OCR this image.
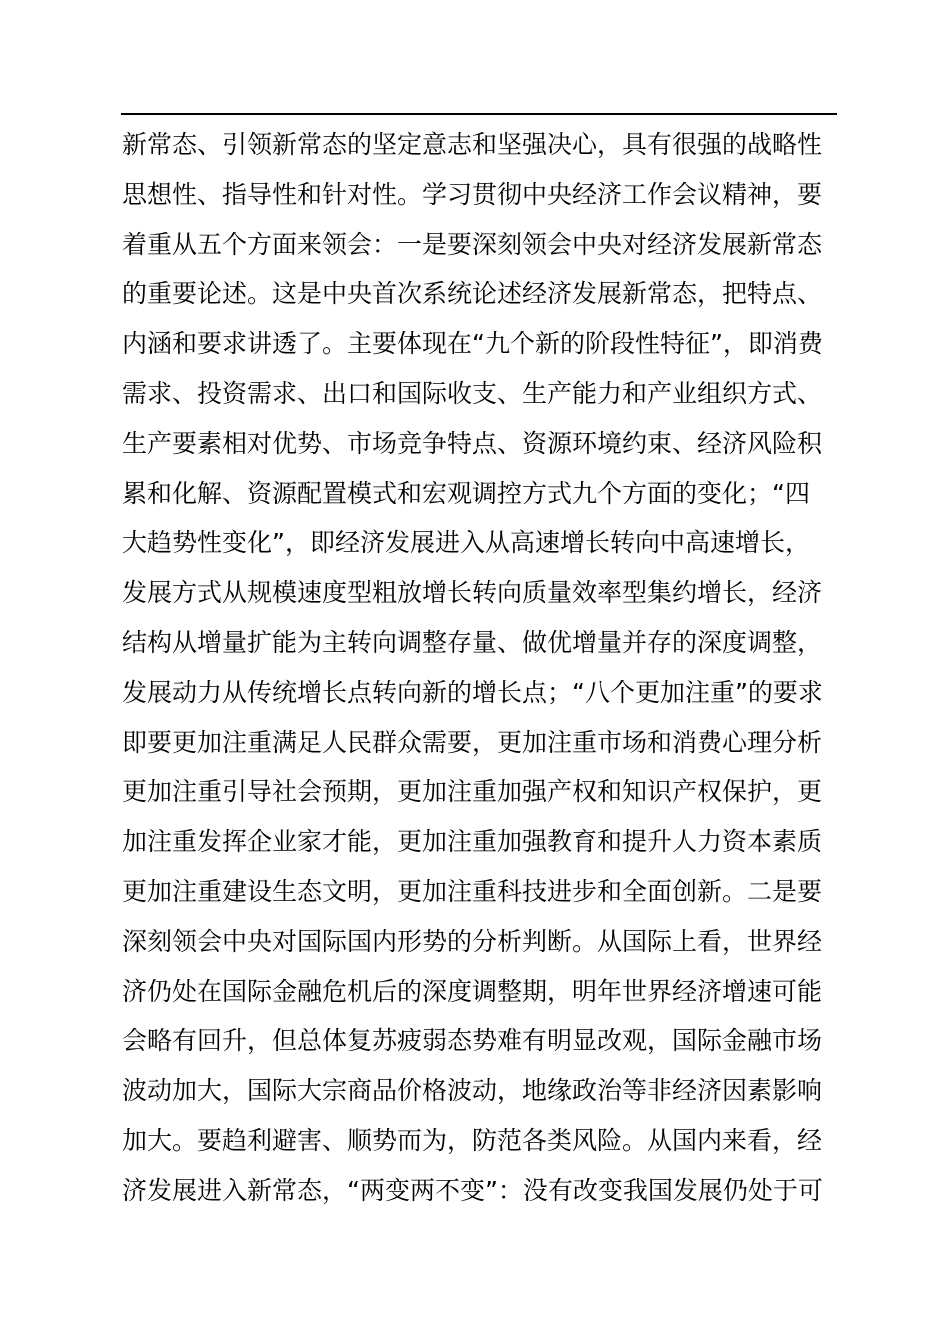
新常态、引领新常态的坚定意志和坚强决心，具有很强的战略性
思想性、指导性和针对性。学习贯彻中央经济工作会议精神，要
着重从五个方面来领会：一是要深刻领会中央对经济发展新常态
的重要论述。这是中央首次系统论述经济发展新常态，把特点、
内涵和要求讲透了。主要体现在“九个新的阶段性特征”，即消费
需求、投资需求、出口和国际收支、生产能力和产业组织方式、
生产要素相对优势、市场竞争特点、资源环境约束、经济风险积
累和化解、资源配置模式和宏观调控方式九个方面的变化；“四
大趋势性变化”，即经济发展进入从高速增长转向中高速增长，
发展方式从规模速度型粗放增长转向质量效率型集约增长，经济
结构从增量扩能为主转向调整存量、做优增量并存的深度调整，
发展动力从传统增长点转向新的增长点；“八个更加注重”的要求
即要更加注重满足人民群众需要，更加注重市场和消费心理分析
更加注重引导社会预期，更加注重加强产权和知识产权保护，更
加注重发挥企业家才能，更加注重加强教育和提升人力资本素质
更加注重建设生态文明，更加注重科技进步和全面创新。二是要
深刻领会中央对国际国内形势的分析判断。从国际上看，世界经
济仍处在国际金融危机后的深度调整期，明年世界经济增速可能
会略有回升，但总体复苏疲弱态势难有明显改观，国际金融市场
波动加大，国际大宗商品价格波动，地缘政治等非经济因素影响
加大。要趋利避害、顺势而为，防范各类风险。从国内来看，经
济发展进入新常态，“两变两不变”：没有改变我国发展仍处于可
